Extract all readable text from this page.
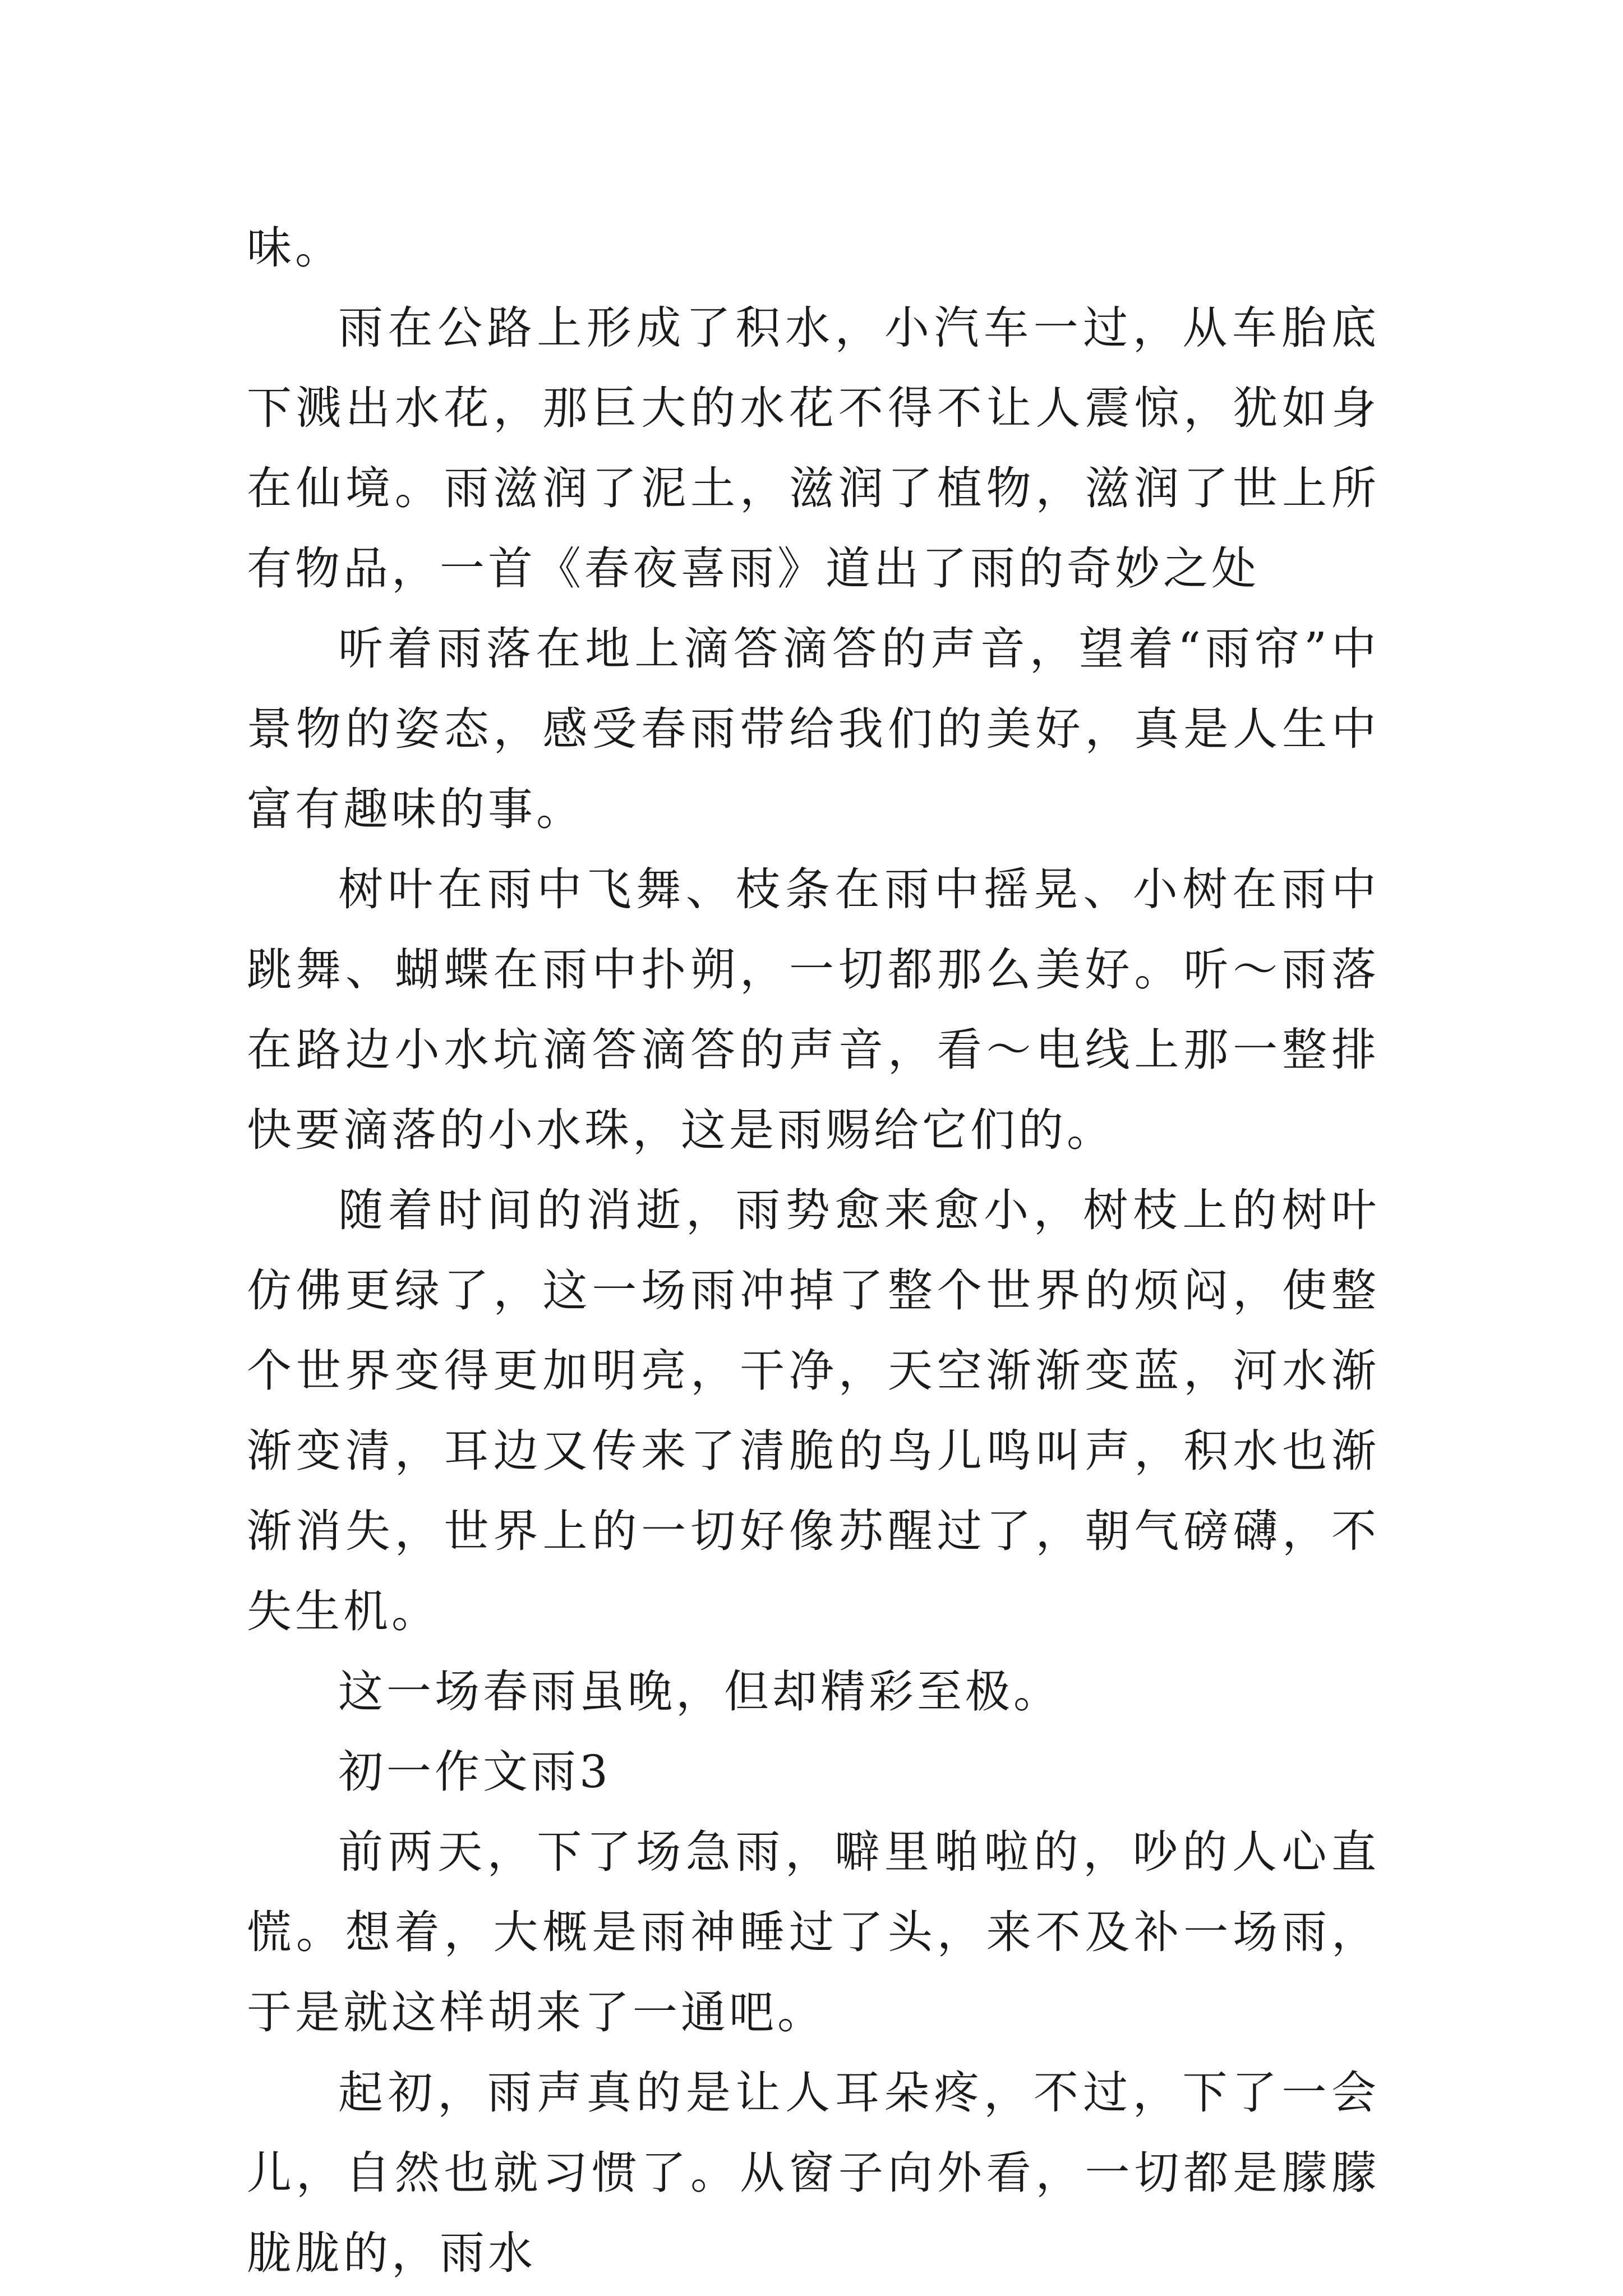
味。

雨在公路上形成了积水，小汽车一过，从车胎底下溅出水花，那巨大的水花不得不让人震惊，犹如身在仙境。雨滋润了泥土，滋润了植物，滋润了世上所有物品，一首《春夜喜雨》道出了雨的奇妙之处

听着雨落在地上滴答滴答的声音，望着“雨帘”中景物的姿态，感受春雨带给我们的美好，真是人生中富有趣味的事。

树叶在雨中飞舞、枝条在雨中摇晃、小树在雨中跳舞、蝴蝶在雨中扑朔，一切都那么美好。听～雨落在路边小水坑滴答滴答的声音，看～电线上那一整排快要滴落的小水珠，这是雨赐给它们的。

随着时间的消逝，雨势愈来愈小，树枝上的树叶仿佛更绿了，这一场雨冲掉了整个世界的烦闷，使整个世界变得更加明亮，干净，天空渐渐变蓝，河水渐渐变清，耳边又传来了清脆的鸟儿鸣叫声，积水也渐渐消失，世界上的一切好像苏醒过了，朝气磅礴，不失生机。

这一场春雨虽晚，但却精彩至极。

初一作文雨3

前两天，下了场急雨，噼里啪啦的，吵的人心直慌。想着，大概是雨神睡过了头，来不及补一场雨，于是就这样胡来了一通吧。

起初，雨声真的是让人耳朵疼，不过，下了一会儿，自然也就习惯了。从窗子向外看，一切都是朦朦胧胧的，雨水
